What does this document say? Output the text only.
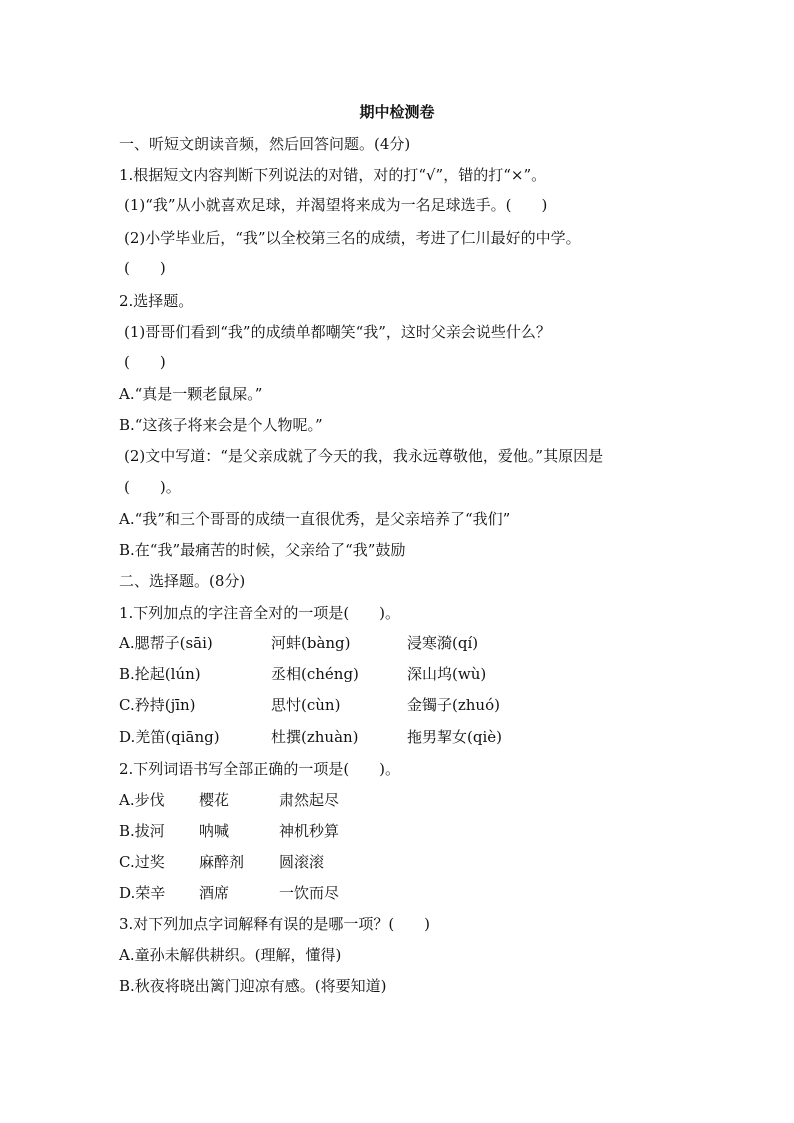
期中检测卷
一、听短文朗读音频，然后回答问题。(4分)
1.根据短文内容判断下列说法的对错，对的打“√”，错的打“×”。
(1)“我”从小就喜欢足球，并渴望将来成为一名足球选手。(　　)
(2)小学毕业后，“我”以全校第三名的成绩，考进了仁川最好的中学。
(　　)
2.选择题。
(1)哥哥们看到“我”的成绩单都嘲笑“我”，这时父亲会说些什么？
(　　)
A.“真是一颗老鼠屎。”
B.“这孩子将来会是个人物呢。”
(2)文中写道：“是父亲成就了今天的我，我永远尊敬他，爱他。”其原因是
(　　)。
A.“我”和三个哥哥的成绩一直很优秀，是父亲培养了“我们”
B.在“我”最痛苦的时候，父亲给了“我”鼓励
二、选择题。(8分)
1.下列加点的字注音全对的一项是(　　)。
A.腮帮子(sāi)	河蚌(bàng)	浸寒漪(qí)
B.抡起(lún)	丞相(chéng)	深山坞(wù)
C.矜持(jīn)	思忖(cùn)	金镯子(zhuó)
D.羌笛(qiāng)	杜撰(zhuàn)	拖男挈女(qiè)
2.下列词语书写全部正确的一项是(　　)。
A.步伐 樱花	肃然起尽
B.拔河 呐喊	神机秒算
C.过奖 麻醉剂 圆滚滚
D.荣辛 酒席	一饮而尽
3.对下列加点字词解释有误的是哪一项？(　　)
A.童孙未解供耕织。(理解，懂得)
B.秋夜将晓出篱门迎凉有感。(将要知道)
